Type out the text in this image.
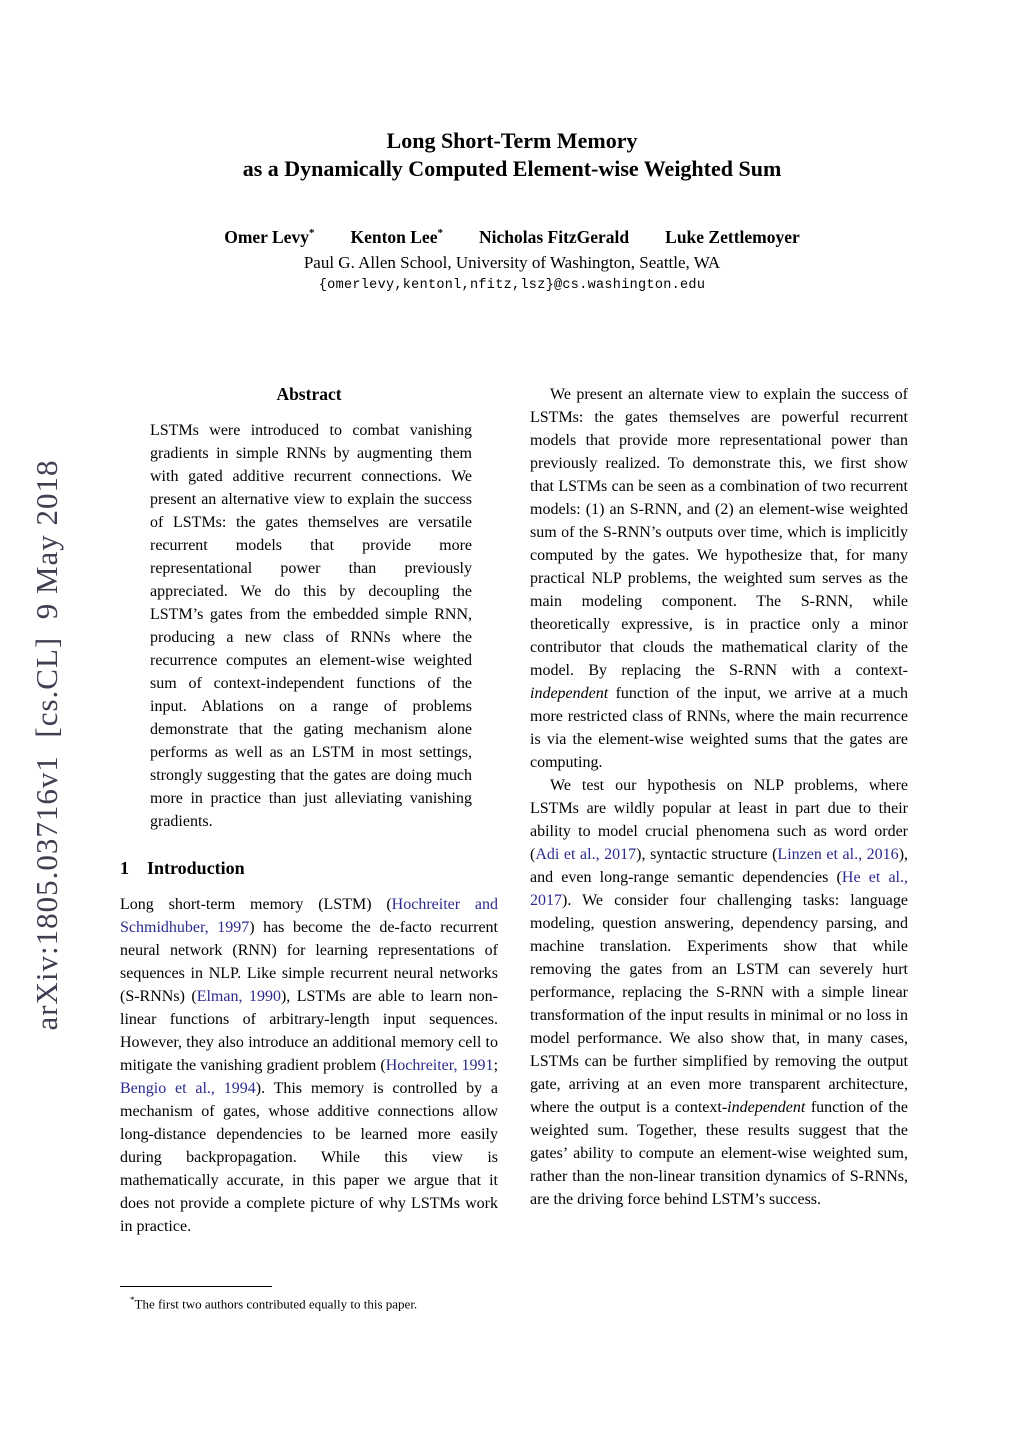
arXiv:1805.03716v1  [cs.CL]  9 May 2018
Long Short-Term Memory
as a Dynamically Computed Element-wise Weighted Sum
Omer Levy* Kenton Lee* Nicholas FitzGerald Luke Zettlemoyer
Paul G. Allen School, University of Washington, Seattle, WA
{omerlevy,kentonl,nfitz,lsz}@cs.washington.edu
Abstract
LSTMs were introduced to combat vanishing gradients in simple RNNs by augmenting them with gated additive recurrent connections. We present an alternative view to explain the success of LSTMs: the gates themselves are versatile recurrent models that provide more representational power than previously appreciated. We do this by decoupling the LSTM’s gates from the embedded simple RNN, producing a new class of RNNs where the recurrence computes an element-wise weighted sum of context-independent functions of the input. Ablations on a range of problems demonstrate that the gating mechanism alone performs as well as an LSTM in most settings, strongly suggesting that the gates are doing much more in practice than just alleviating vanishing gradients.
1 Introduction

Long short-term memory (LSTM) (Hochreiter and Schmidhuber, 1997) has become the de-facto recurrent neural network (RNN) for learning representations of sequences in NLP. Like simple recurrent neural networks (S-RNNs) (Elman, 1990), LSTMs are able to learn non-linear functions of arbitrary-length input sequences. However, they also introduce an additional memory cell to mitigate the vanishing gradient problem (Hochreiter, 1991; Bengio et al., 1994). This memory is controlled by a mechanism of gates, whose additive connections allow long-distance dependencies to be learned more easily during backpropagation. While this view is mathematically accurate, in this paper we argue that it does not provide a complete picture of why LSTMs work in practice.

We present an alternate view to explain the success of LSTMs: the gates themselves are powerful recurrent models that provide more representational power than previously realized. To demonstrate this, we first show that LSTMs can be seen as a combination of two recurrent models: (1) an S-RNN, and (2) an element-wise weighted sum of the S-RNN’s outputs over time, which is implicitly computed by the gates. We hypothesize that, for many practical NLP problems, the weighted sum serves as the main modeling component. The S-RNN, while theoretically expressive, is in practice only a minor contributor that clouds the mathematical clarity of the model. By replacing the S-RNN with a context-independent function of the input, we arrive at a much more restricted class of RNNs, where the main recurrence is via the element-wise weighted sums that the gates are computing.

We test our hypothesis on NLP problems, where LSTMs are wildly popular at least in part due to their ability to model crucial phenomena such as word order (Adi et al., 2017), syntactic structure (Linzen et al., 2016), and even long-range semantic dependencies (He et al., 2017). We consider four challenging tasks: language modeling, question answering, dependency parsing, and machine translation. Experiments show that while removing the gates from an LSTM can severely hurt performance, replacing the S-RNN with a simple linear transformation of the input results in minimal or no loss in model performance. We also show that, in many cases, LSTMs can be further simplified by removing the output gate, arriving at an even more transparent architecture, where the output is a context-independent function of the weighted sum. Together, these results suggest that the gates’ ability to compute an element-wise weighted sum, rather than the non-linear transition dynamics of S-RNNs, are the driving force behind LSTM’s success.

*The first two authors contributed equally to this paper.
